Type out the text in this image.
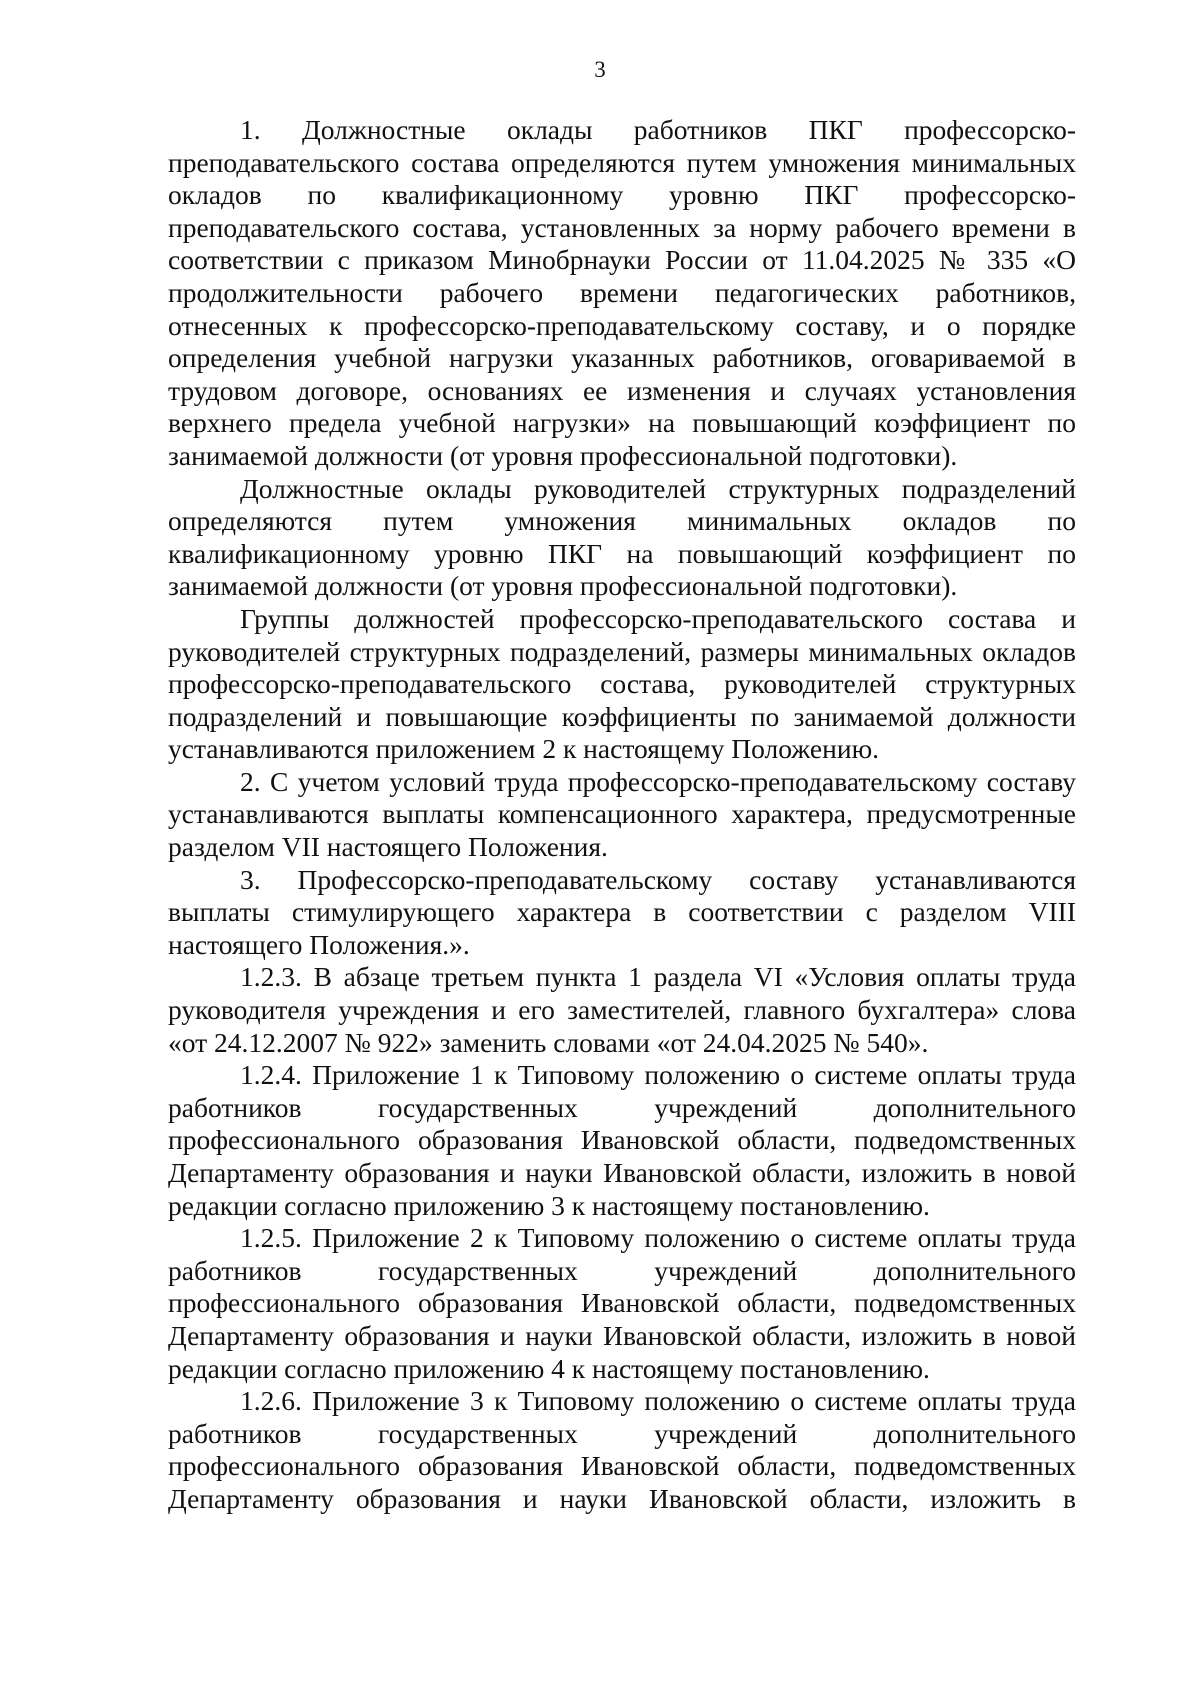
3

1. Должностные оклады работников ПКГ профессорско-преподавательского состава определяются путем умножения минимальных окладов по квалификационному уровню ПКГ профессорско-преподавательского состава, установленных за норму рабочего времени в соответствии с приказом Минобрнауки России от 11.04.2025 № 335 «О продолжительности рабочего времени педагогических работников, отнесенных к профессорско-преподавательскому составу, и о порядке определения учебной нагрузки указанных работников, оговариваемой в трудовом договоре, основаниях ее изменения и случаях установления верхнего предела учебной нагрузки» на повышающий коэффициент по занимаемой должности (от уровня профессиональной подготовки).

Должностные оклады руководителей структурных подразделений определяются путем умножения минимальных окладов по квалификационному уровню ПКГ на повышающий коэффициент по занимаемой должности (от уровня профессиональной подготовки).

Группы должностей профессорско-преподавательского состава и руководителей структурных подразделений, размеры минимальных окладов профессорско-преподавательского состава, руководителей структурных подразделений и повышающие коэффициенты по занимаемой должности устанавливаются приложением 2 к настоящему Положению.

2. С учетом условий труда профессорско-преподавательскому составу устанавливаются выплаты компенсационного характера, предусмотренные разделом VII настоящего Положения.

3. Профессорско-преподавательскому составу устанавливаются выплаты стимулирующего характера в соответствии с разделом VIII настоящего Положения.».

1.2.3. В абзаце третьем пункта 1 раздела VI «Условия оплаты труда руководителя учреждения и его заместителей, главного бухгалтера» слова «от 24.12.2007 № 922» заменить словами «от 24.04.2025 № 540».

1.2.4. Приложение 1 к Типовому положению о системе оплаты труда работников государственных учреждений дополнительного профессионального образования Ивановской области, подведомственных Департаменту образования и науки Ивановской области, изложить в новой редакции согласно приложению 3 к настоящему постановлению.

1.2.5. Приложение 2 к Типовому положению о системе оплаты труда работников государственных учреждений дополнительного профессионального образования Ивановской области, подведомственных Департаменту образования и науки Ивановской области, изложить в новой редакции согласно приложению 4 к настоящему постановлению.

1.2.6. Приложение 3 к Типовому положению о системе оплаты труда работников государственных учреждений дополнительного профессионального образования Ивановской области, подведомственных Департаменту образования и науки Ивановской области, изложить в
